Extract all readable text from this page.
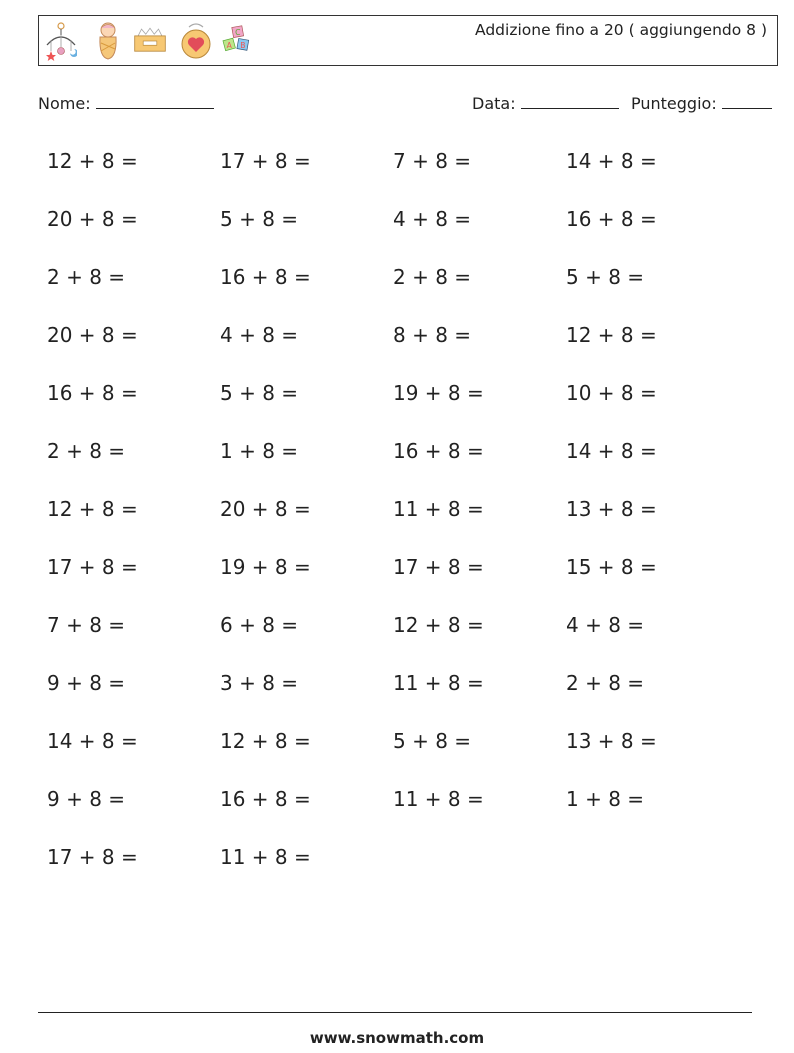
C
A B
Addizione fino a 20 ( aggiungendo 8 )
Nome:	Data:	Punteggio:
12 + 8 =	17 + 8 =	7 + 8 =	14 + 8 =
20 + 8 =	5 + 8 =	4 + 8 =	16 + 8 =
2 + 8 =	16 + 8 =	2 + 8 =	5 + 8 =
20 + 8 =	4 + 8 =	8 + 8 =	12 + 8 =
16 + 8 =	5 + 8 =	19 + 8 =	10 + 8 =
2 + 8 =	1 + 8 =	16 + 8 =	14 + 8 =
12 + 8 =	20 + 8 =	11 + 8 =	13 + 8 =
17 + 8 =	19 + 8 =	17 + 8 =	15 + 8 =
7 + 8 =	6 + 8 =	12 + 8 =	4 + 8 =
9 + 8 =	3 + 8 =	11 + 8 =	2 + 8 =
14 + 8 =	12 + 8 =	5 + 8 =	13 + 8 =
9 + 8 =	16 + 8 =	11 + 8 =	1 + 8 =
17 + 8 =	11 + 8 =
www.snowmath.com
